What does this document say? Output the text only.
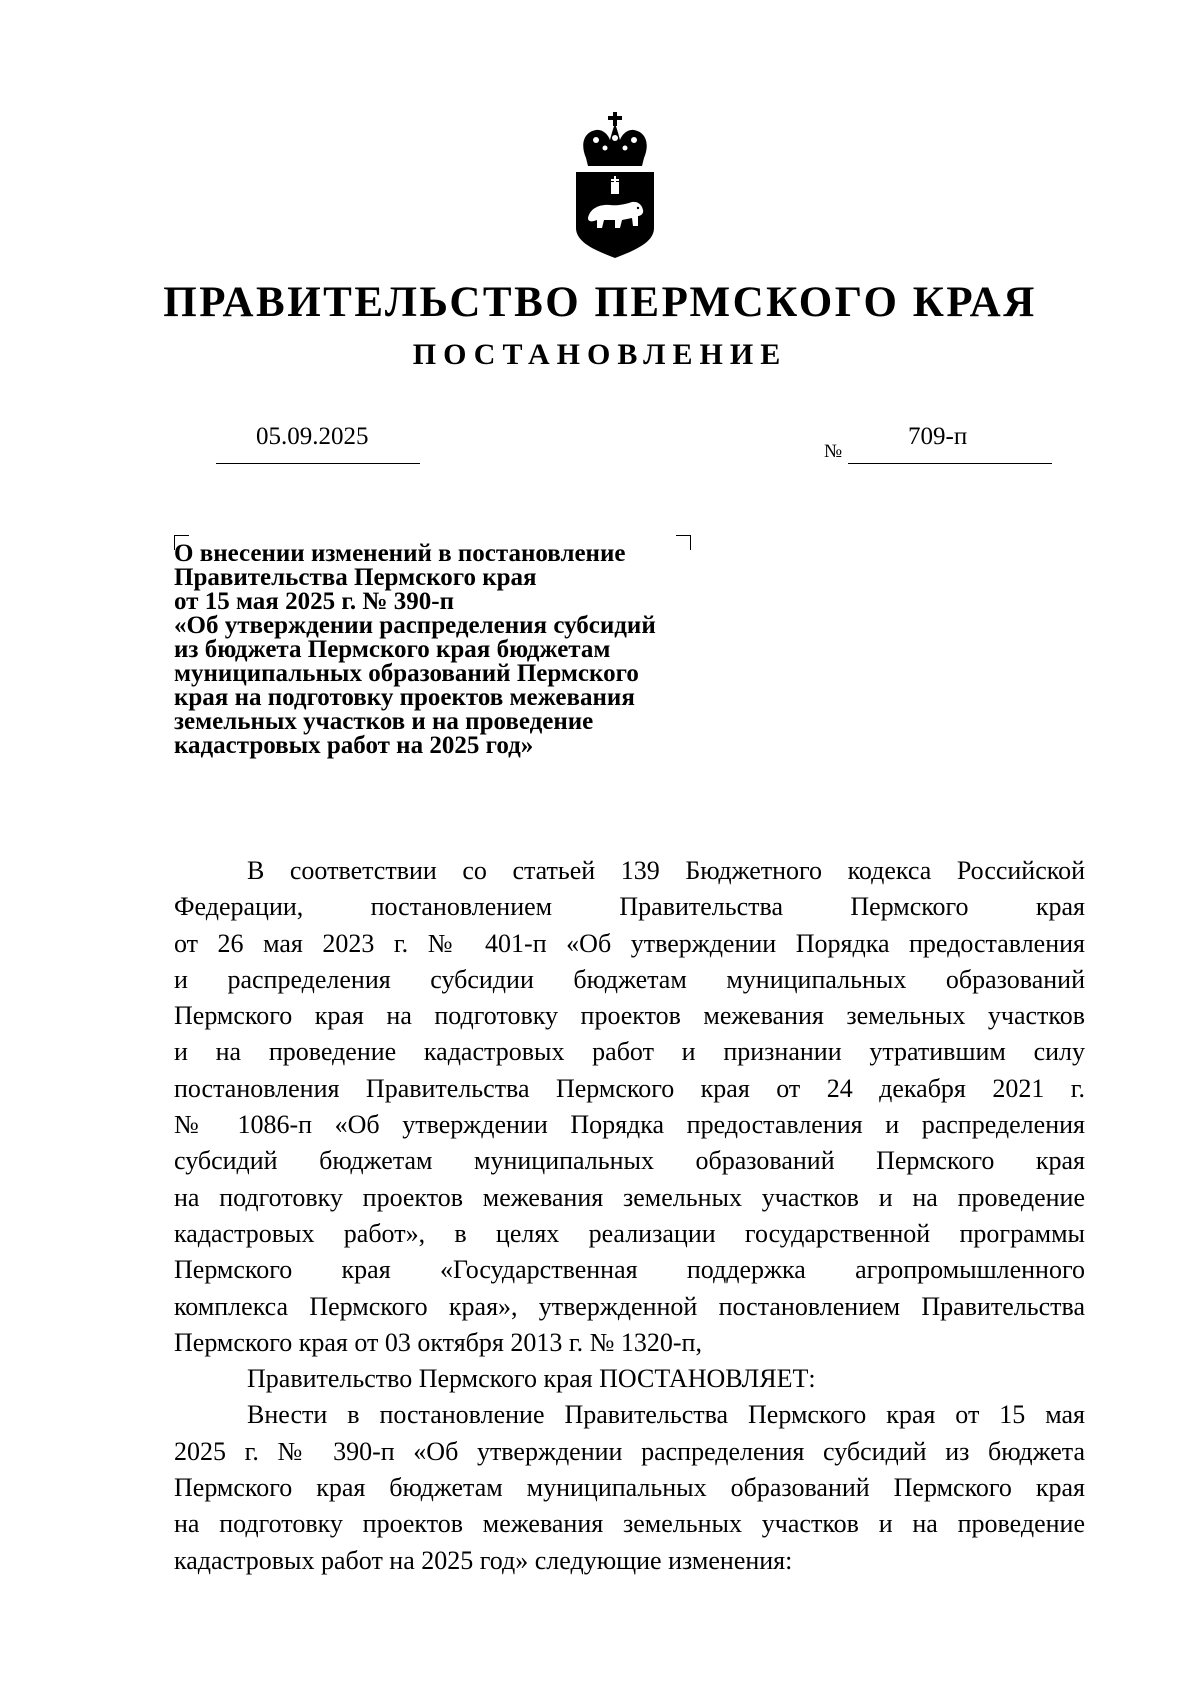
ПРАВИТЕЛЬСТВО ПЕРМСКОГО КРАЯ
ПОСТАНОВЛЕНИЕ
05.09.2025
№
709-п
О внесении изменений в постановление
Правительства Пермского края
от 15 мая 2025 г. № 390-п
«Об утверждении распределения субсидий
из бюджета Пермского края бюджетам
муниципальных образований Пермского
края на подготовку проектов межевания
земельных участков и на проведение
кадастровых работ на 2025 год»
В соответствии со статьей 139 Бюджетного кодекса Российской
Федерации, постановлением Правительства Пермского края
от 26 мая 2023 г. № 401-п «Об утверждении Порядка предоставления
и распределения субсидии бюджетам муниципальных образований
Пермского края на подготовку проектов межевания земельных участков
и на проведение кадастровых работ и признании утратившим силу
постановления Правительства Пермского края от 24 декабря 2021 г.
№ 1086-п «Об утверждении Порядка предоставления и распределения
субсидий бюджетам муниципальных образований Пермского края
на подготовку проектов межевания земельных участков и на проведение
кадастровых работ», в целях реализации государственной программы
Пермского края «Государственная поддержка агропромышленного
комплекса Пермского края», утвержденной постановлением Правительства
Пермского края от 03 октября 2013 г. № 1320-п,
Правительство Пермского края ПОСТАНОВЛЯЕТ:
Внести в постановление Правительства Пермского края от 15 мая
2025 г. № 390-п «Об утверждении распределения субсидий из бюджета
Пермского края бюджетам муниципальных образований Пермского края
на подготовку проектов межевания земельных участков и на проведение
кадастровых работ на 2025 год» следующие изменения:
